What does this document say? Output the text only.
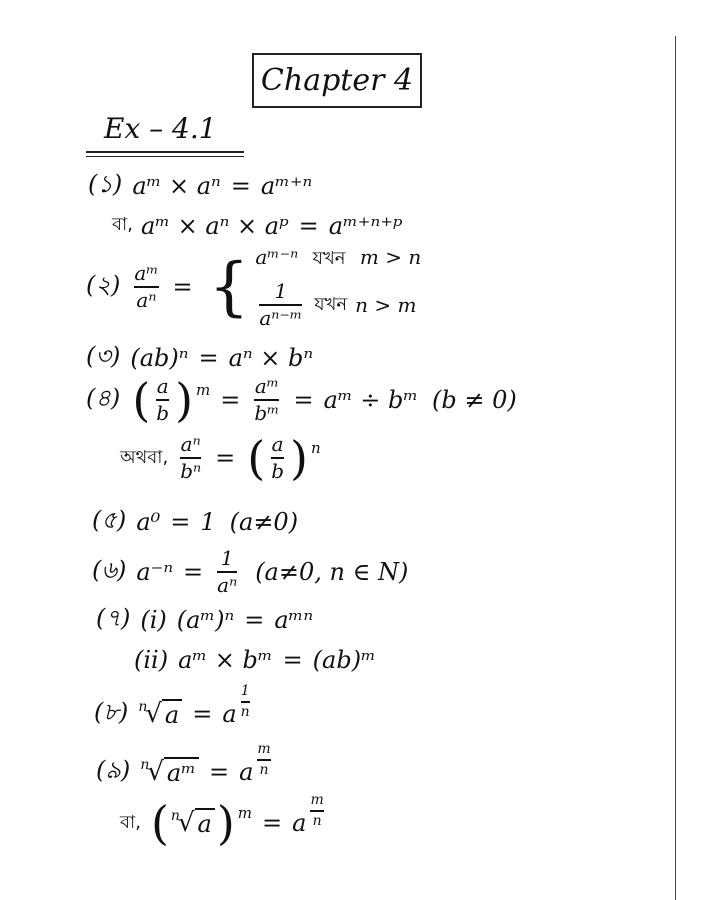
Chapter 4
Ex – 4.1
(১) aᵐ × aⁿ = aᵐ⁺ⁿ
বা, aᵐ × aⁿ × aᵖ = aᵐ⁺ⁿ⁺ᵖ
(২) $\frac{\text{aᵐ}}{\text{aⁿ}}$ = { aᵐ⁻ⁿ যখন m > n
$\frac{1}{\text{aⁿ⁻ᵐ}}$ যখন n > m
(৩) (ab)ⁿ = aⁿ × bⁿ
(৪) ( $\frac{a}{b}$ ) $m = \frac{\text{aᵐ}}{\text{bᵐ}}$ = aᵐ ÷ bᵐ (b ≠ 0)
অথবা, $\frac{\text{aⁿ}}{\text{bⁿ}}$ = ( $\frac{a}{b}$ ) n
(৫) a⁰ = 1 (a≠0)
(৬) $a^{-n} = \frac{1}{\text{aⁿ}} (a\ne 0$, n ∈ N)
(৭) (i) (aᵐ)ⁿ = aᵐⁿ
(ii) aᵐ × bᵐ = (ab)ᵐ
(৮) n
√ a = a $\frac{1}{n}$
(৯) n
√ aᵐ = a $\frac{m}{n}$
বা, ( n
√ a ) m = a $\frac{m}{n}$
